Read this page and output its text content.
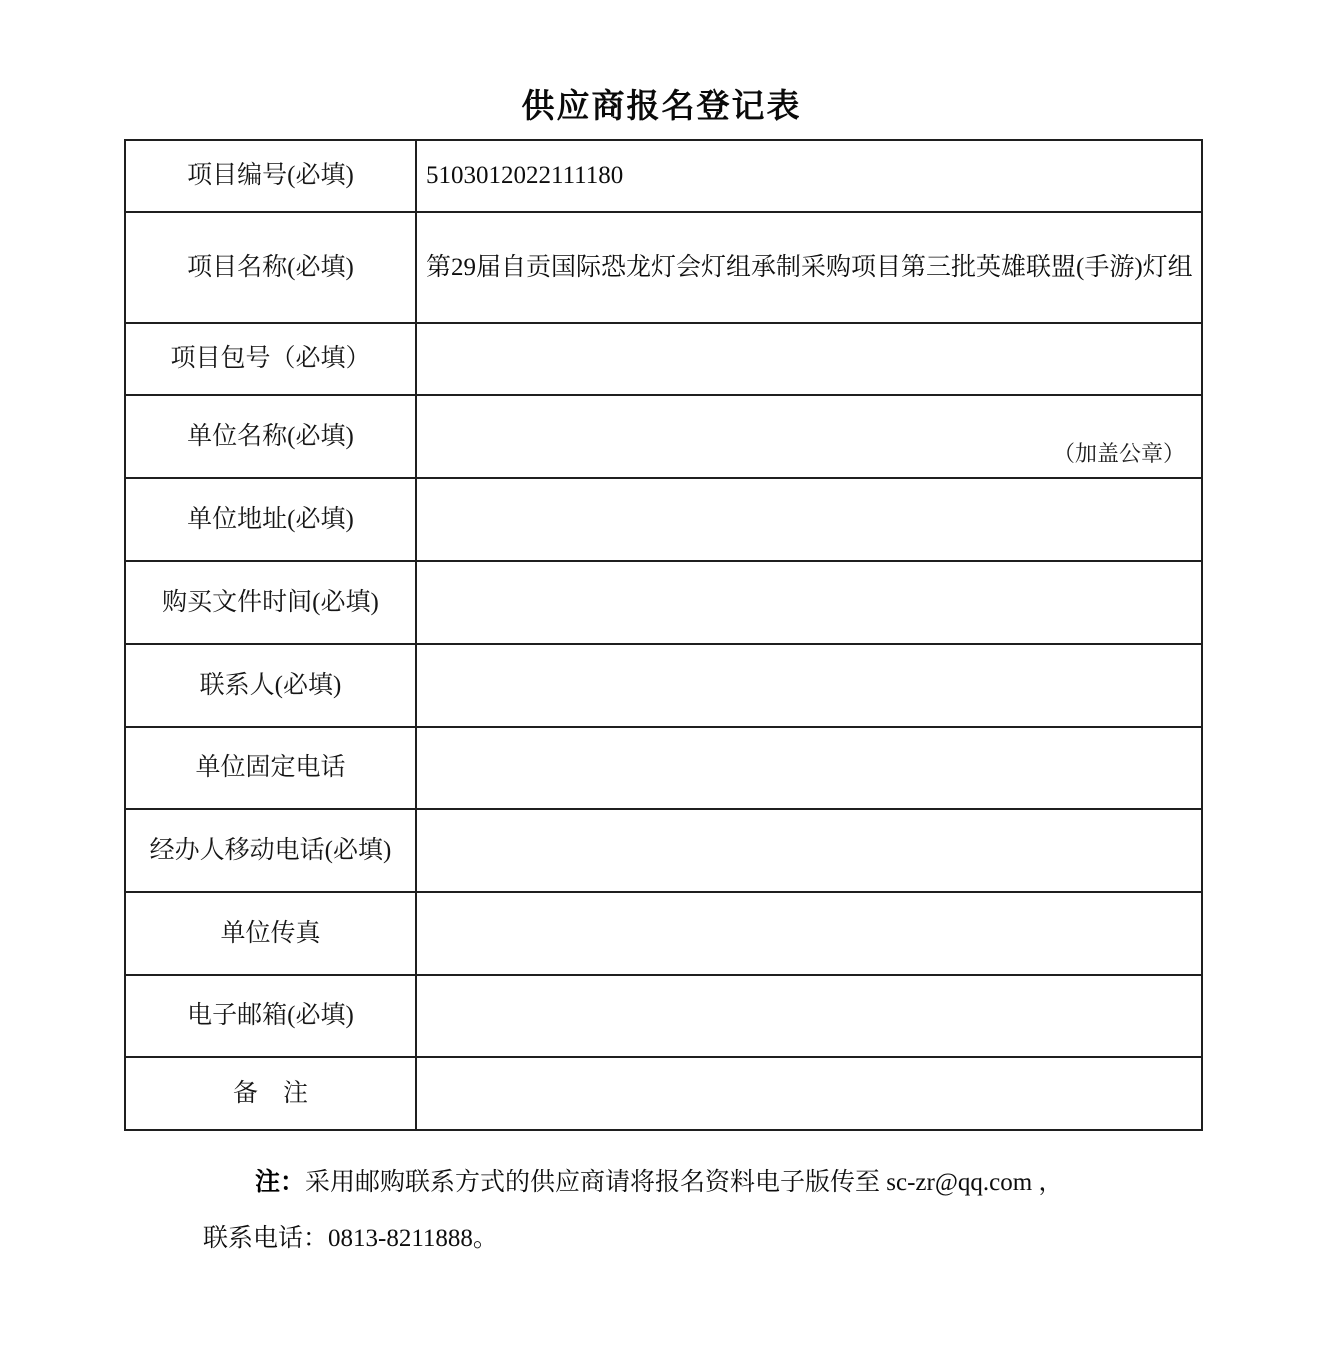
供应商报名登记表
项目编号(必填)	5103012022111180
项目名称(必填)	第29届自贡国际恐龙灯会灯组承制采购项目第三批英雄联盟(手游)灯组
项目包号（必填）
单位名称(必填)
（加盖公章）
单位地址(必填)
购买文件时间(必填)
联系人(必填)
单位固定电话
经办人移动电话(必填)
单位传真
电子邮箱(必填)
备    注

注：采用邮购联系方式的供应商请将报名资料电子版传至 sc-zr@qq.com ，

联系电话：0813-8211888。
